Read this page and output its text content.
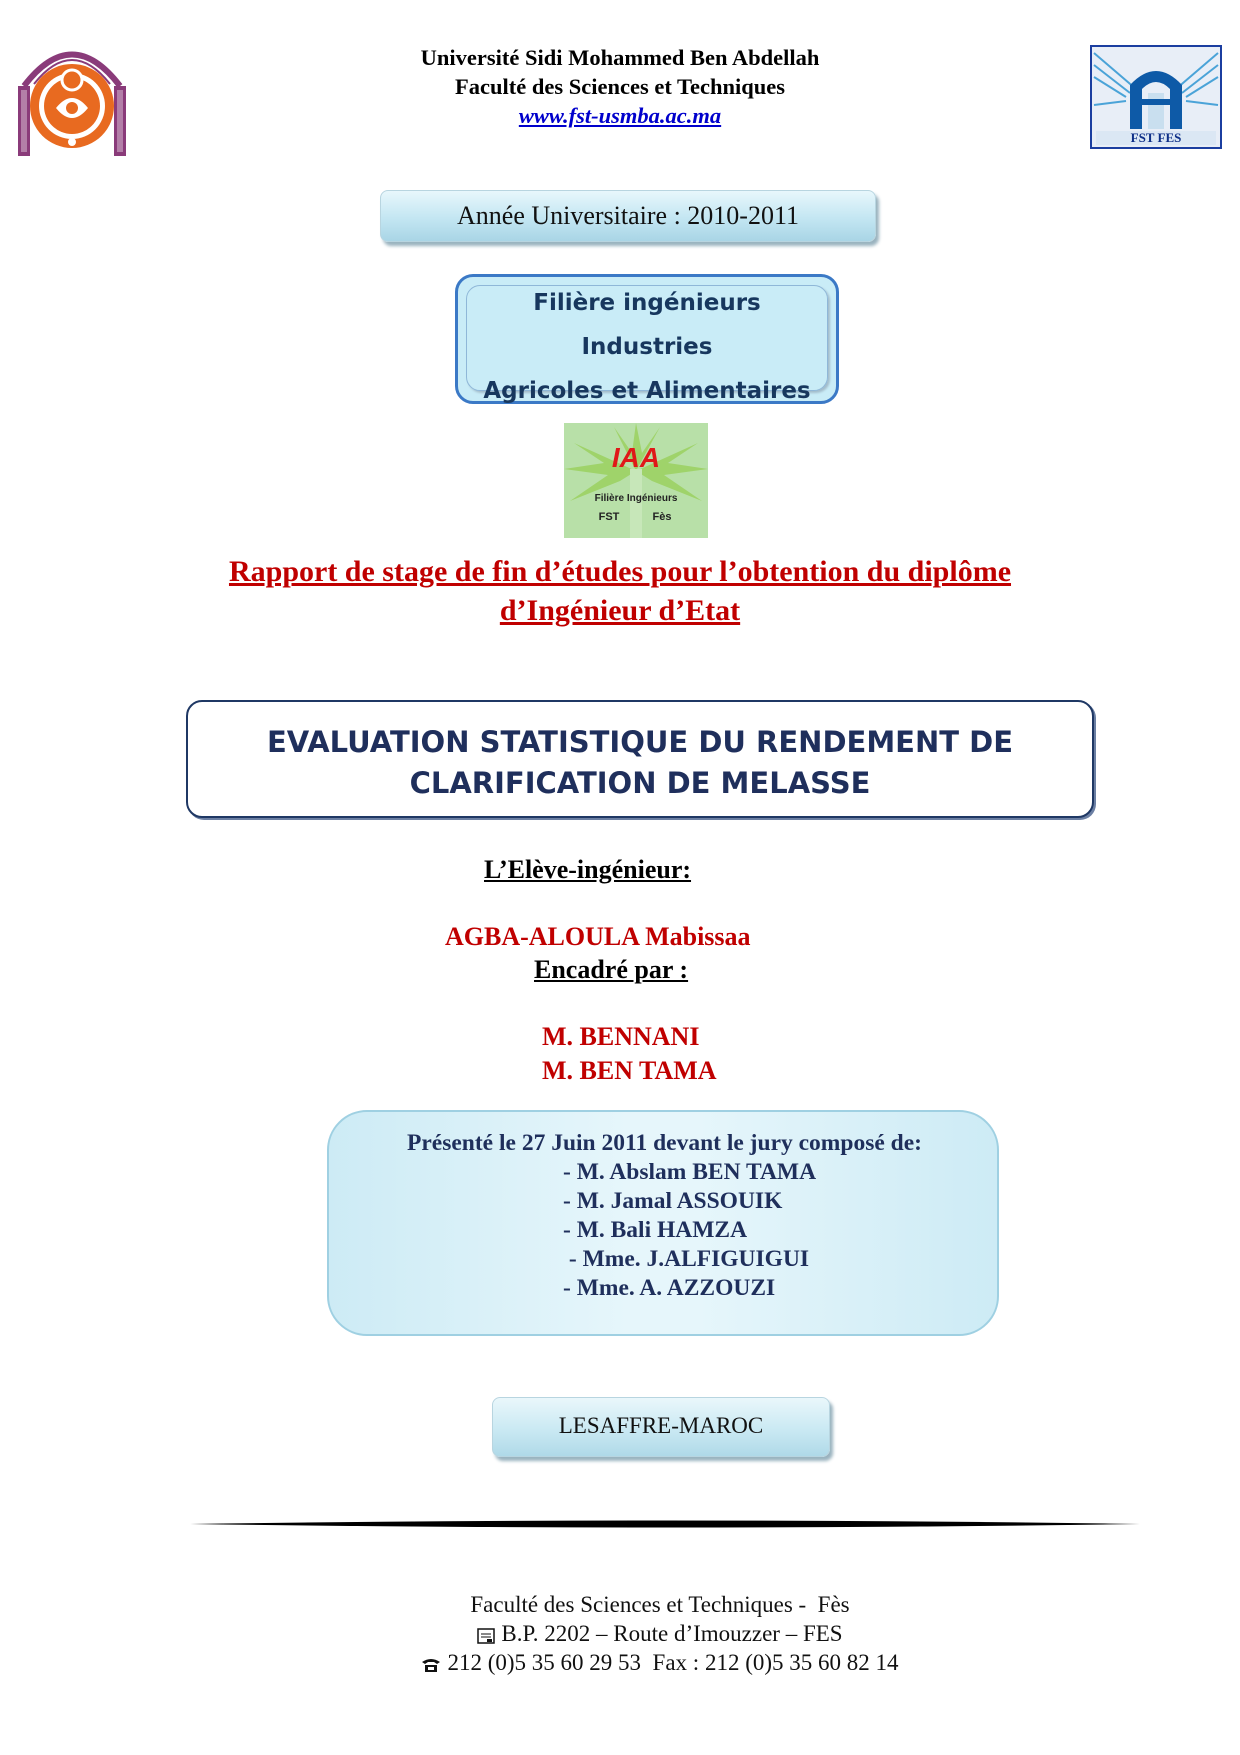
FST FES
Université Sidi Mohammed Ben Abdellah
Faculté des Sciences et Techniques
www.fst-usmba.ac.ma
Année Universitaire : 2010-2011
Filière ingénieurs
Industries
Agricoles et Alimentaires
IAA
Filière Ingénieurs
FST	Fès
Rapport de stage de fin d’études pour l’obtention du diplôme
d’Ingénieur d’Etat
EVALUATION STATISTIQUE DU RENDEMENT DE
CLARIFICATION DE MELASSE
L’Elève-ingénieur:
AGBA-ALOULA Mabissaa
Encadré par :
M. BENNANI
M. BEN TAMA
Présenté le 27 Juin 2011 devant le jury composé de:
- M. Abslam BEN TAMA
- M. Jamal ASSOUIK
- M. Bali HAMZA
- Mme. J.ALFIGUIGUI
- Mme. A. AZZOUZI
LESAFFRE-MAROC
Faculté des Sciences et Techniques -  Fès
B.P. 2202 – Route d’Imouzzer – FES
212 (0)5 35 60 29 53  Fax : 212 (0)5 35 60 82 14
